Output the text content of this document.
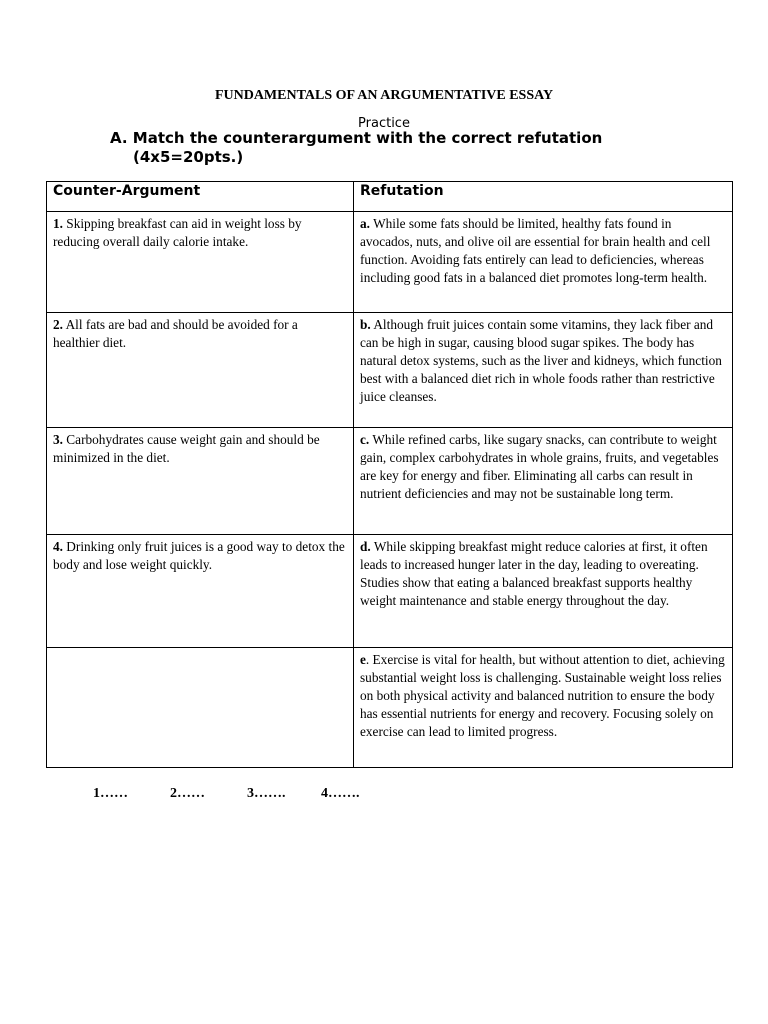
FUNDAMENTALS OF AN ARGUMENTATIVE ESSAY
Practice
A. Match the counterargument with the correct refutation
(4x5=20pts.)
Counter-Argument	Refutation
1. Skipping breakfast can aid in weight loss by reducing overall daily calorie intake.	a. While some fats should be limited, healthy fats found in avocados, nuts, and olive oil are essential for brain health and cell function. Avoiding fats entirely can lead to deficiencies, whereas including good fats in a balanced diet promotes long-term health.
2. All fats are bad and should be avoided for a healthier diet.	b. Although fruit juices contain some vitamins, they lack fiber and can be high in sugar, causing blood sugar spikes. The body has natural detox systems, such as the liver and kidneys, which function best with a balanced diet rich in whole foods rather than restrictive juice cleanses.
3. Carbohydrates cause weight gain and should be minimized in the diet.	c. While refined carbs, like sugary snacks, can contribute to weight gain, complex carbohydrates in whole grains, fruits, and vegetables are key for energy and fiber. Eliminating all carbs can result in nutrient deficiencies and may not be sustainable long term.
4. Drinking only fruit juices is a good way to detox the body and lose weight quickly.	d. While skipping breakfast might reduce calories at first, it often leads to increased hunger later in the day, leading to overeating. Studies show that eating a balanced breakfast supports healthy weight maintenance and stable energy throughout the day.
	e. Exercise is vital for health, but without attention to diet, achieving substantial weight loss is challenging. Sustainable weight loss relies on both physical activity and balanced nutrition to ensure the body has essential nutrients for energy and recovery. Focusing solely on exercise can lead to limited progress.
1……	2……	3…….	4…….
